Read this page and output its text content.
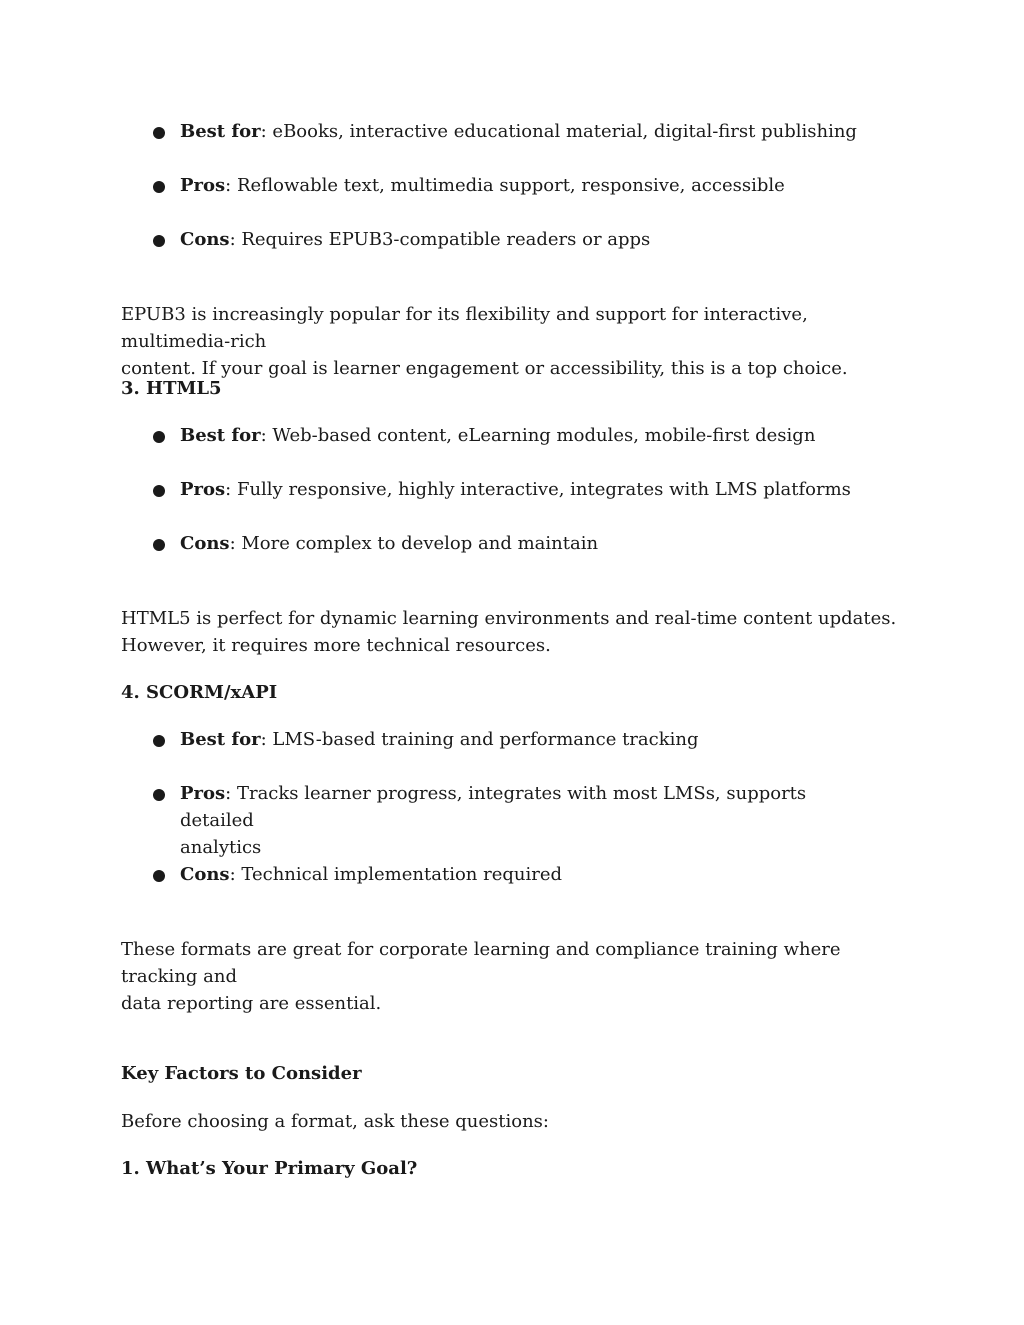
Best for: eBooks, interactive educational material, digital-first publishing
Pros: Reflowable text, multimedia support, responsive, accessible
Cons: Requires EPUB3-compatible readers or apps
EPUB3 is increasingly popular for its flexibility and support for interactive, multimedia-rich
content. If your goal is learner engagement or accessibility, this is a top choice.
3. HTML5
Best for: Web-based content, eLearning modules, mobile-first design
Pros: Fully responsive, highly interactive, integrates with LMS platforms
Cons: More complex to develop and maintain
HTML5 is perfect for dynamic learning environments and real-time content updates.
However, it requires more technical resources.
4. SCORM/xAPI
Best for: LMS-based training and performance tracking
Pros: Tracks learner progress, integrates with most LMSs, supports detailed
analytics
Cons: Technical implementation required
These formats are great for corporate learning and compliance training where tracking and
data reporting are essential.
Key Factors to Consider
Before choosing a format, ask these questions:
1. What’s Your Primary Goal?
